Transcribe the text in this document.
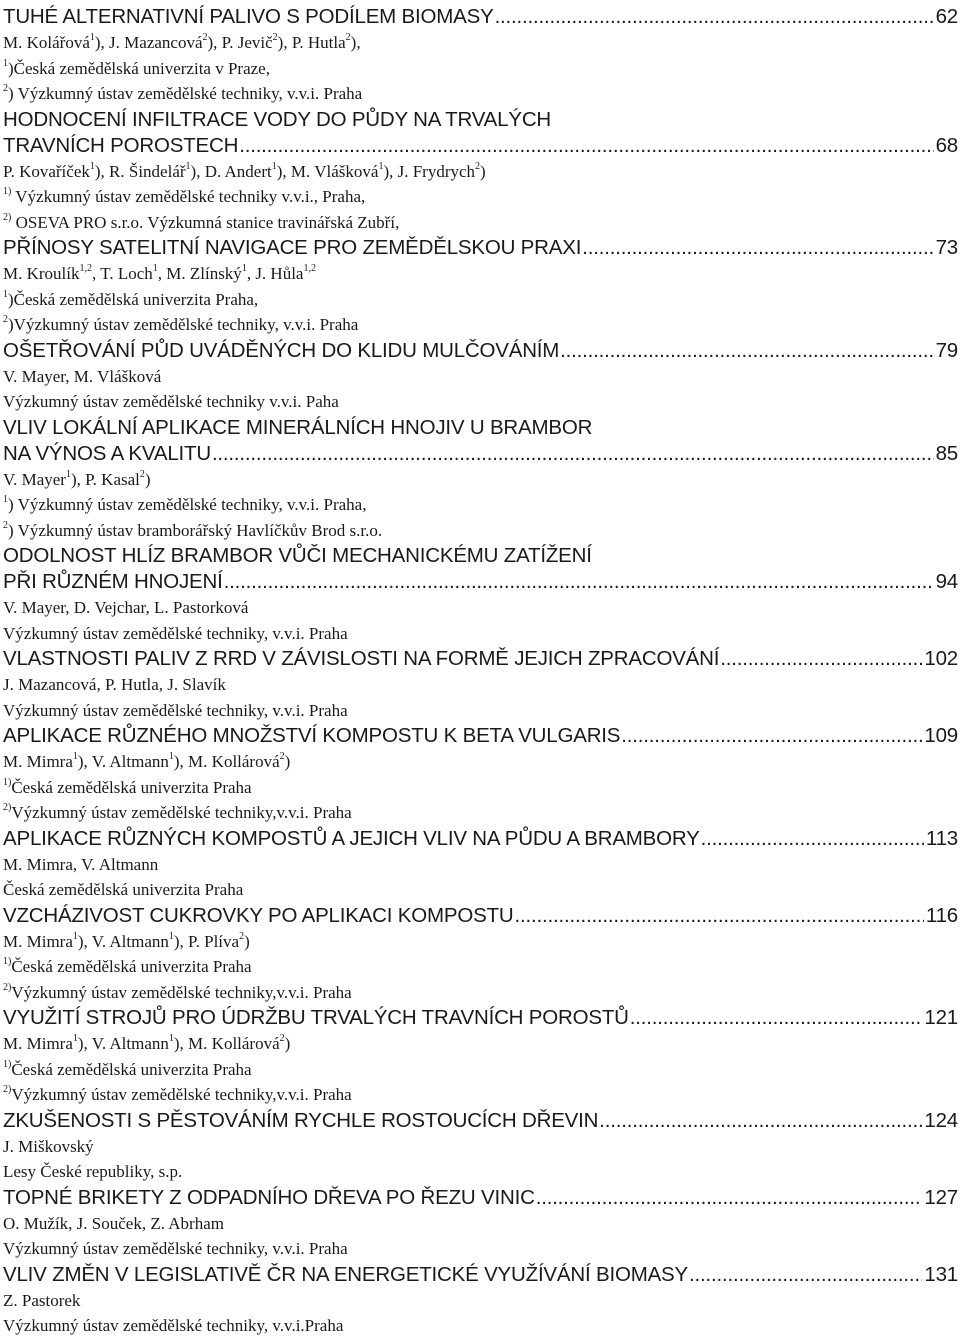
TUHÉ ALTERNATIVNÍ PALIVO S PODÍLEM BIOMASY .....	62
M. Kolářová$^1$), J. Mazancová$^2$), P. Jevič$^2$), P. Hutla$^2$),
$^1$)Česká zemědělská univerzita v Praze,
$^2$) Výzkumný ústav zemědělské techniky, v.v.i. Praha
HODNOCENÍ INFILTRACE VODY DO PŮDY NA TRVALÝCH
TRAVNÍCH POROSTECH .....	68
P. Kovaříček$^1$), R. Šindelář$^1$), D. Andert$^1$), M. Vlášková$^1$), J. Frydrych$^2$)
$^{1)}$ Výzkumný ústav zemědělské techniky v.v.i., Praha,
$^{2)}$ OSEVA PRO s.r.o. Výzkumná stanice travinářská Zubří,
PŘÍNOSY SATELITNÍ NAVIGACE PRO ZEMĚDĚLSKOU PRAXI .....	73
M. Kroulík$^{1,2}$, T. Loch$^1$, M. Zlínský$^1$, J. Hůla$^{1,2}$
$^1$)Česká zemědělská univerzita Praha,
$^2$)Výzkumný ústav zemědělské techniky, v.v.i. Praha
OŠETŘOVÁNÍ PŮD UVÁDĚNÝCH DO KLIDU MULČOVÁNÍM .....	79
V. Mayer, M. Vlášková
Výzkumný ústav zemědělské techniky v.v.i. Paha
VLIV LOKÁLNÍ APLIKACE MINERÁLNÍCH HNOJIV U BRAMBOR
NA VÝNOS A KVALITU .....	85
V. Mayer$^1$), P. Kasal$^2$)
$^1$) Výzkumný ústav zemědělské techniky, v.v.i. Praha,
$^2$) Výzkumný ústav bramborářský Havlíčkův Brod s.r.o.
ODOLNOST HLÍZ BRAMBOR VŮČI MECHANICKÉMU ZATÍŽENÍ
PŘI RŮZNÉM HNOJENÍ .....	94
V. Mayer, D. Vejchar, L. Pastorková
Výzkumný ústav zemědělské techniky, v.v.i. Praha
VLASTNOSTI PALIV Z RRD V ZÁVISLOSTI NA FORMĚ JEJICH ZPRACOVÁNÍ .....	102
J. Mazancová, P. Hutla, J. Slavík
Výzkumný ústav zemědělské techniky, v.v.i. Praha
APLIKACE RŮZNÉHO MNOŽSTVÍ KOMPOSTU K BETA VULGARIS .....	109
M. Mimra$^1$), V. Altmann$^1$), M. Kollárová$^2$)
$^{1)}$Česká zemědělská univerzita Praha
$^{2)}$Výzkumný ústav zemědělské techniky,v.v.i. Praha
APLIKACE RŮZNÝCH KOMPOSTŮ A JEJICH VLIV NA PŮDU A BRAMBORY .....	113
M. Mimra, V. Altmann
Česká zemědělská univerzita Praha
VZCHÁZIVOST CUKROVKY PO APLIKACI KOMPOSTU .....	116
M. Mimra$^1$), V. Altmann$^1$), P. Plíva$^2$)
$^{1)}$Česká zemědělská univerzita Praha
$^{2)}$Výzkumný ústav zemědělské techniky,v.v.i. Praha
VYUŽITÍ STROJŮ PRO ÚDRŽBU TRVALÝCH TRAVNÍCH POROSTŮ .....	121
M. Mimra$^1$), V. Altmann$^1$), M. Kollárová$^2$)
$^{1)}$Česká zemědělská univerzita Praha
$^{2)}$Výzkumný ústav zemědělské techniky,v.v.i. Praha
ZKUŠENOSTI S PĚSTOVÁNÍM RYCHLE ROSTOUCÍCH DŘEVIN .....	124
J. Miškovský
Lesy České republiky, s.p.
TOPNÉ BRIKETY Z ODPADNÍHO DŘEVA PO ŘEZU VINIC .....	127
O. Mužík, J. Souček, Z. Abrham
Výzkumný ústav zemědělské techniky, v.v.i. Praha
VLIV ZMĚN V LEGISLATIVĚ ČR NA ENERGETICKÉ VYUŽÍVÁNÍ BIOMASY .....	131
Z. Pastorek
Výzkumný ústav zemědělské techniky, v.v.i.Praha
